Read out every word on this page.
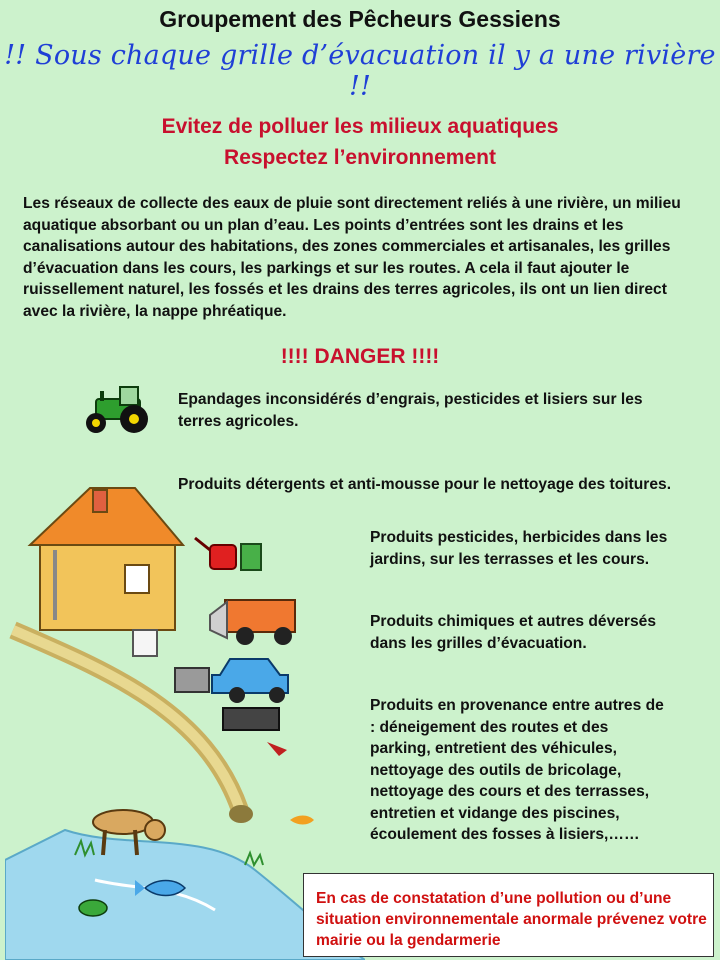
Groupement des Pêcheurs Gessiens
!! Sous chaque grille d’évacuation il y a une rivière !!
Evitez de polluer les milieux aquatiques
Respectez l’environnement
Les réseaux de collecte des eaux de pluie sont directement reliés à une rivière, un milieu aquatique absorbant ou un plan d’eau. Les points d’entrées sont les drains et les canalisations autour des habitations, des zones commerciales et artisanales, les grilles d’évacuation dans les cours, les parkings et sur les routes. A cela il faut ajouter le ruissellement naturel, les fossés et les drains des terres agricoles, ils ont un lien direct avec la rivière, la nappe phréatique.
!!!! DANGER !!!!
Epandages inconsidérés d’engrais, pesticides et lisiers sur les terres agricoles.
Produits détergents et anti-mousse pour le nettoyage des toitures.
Produits pesticides, herbicides dans les jardins, sur les terrasses et les cours.
Produits chimiques et autres déversés dans les grilles d’évacuation.
Produits en provenance entre autres de : déneigement des routes et des parking, entretient des véhicules, nettoyage des outils de bricolage, nettoyage des cours et des terrasses, entretien et vidange des piscines, écoulement des fosses à lisiers,……
En cas de constatation d’une pollution ou d’une situation environnementale anormale prévenez votre mairie ou la gendarmerie
